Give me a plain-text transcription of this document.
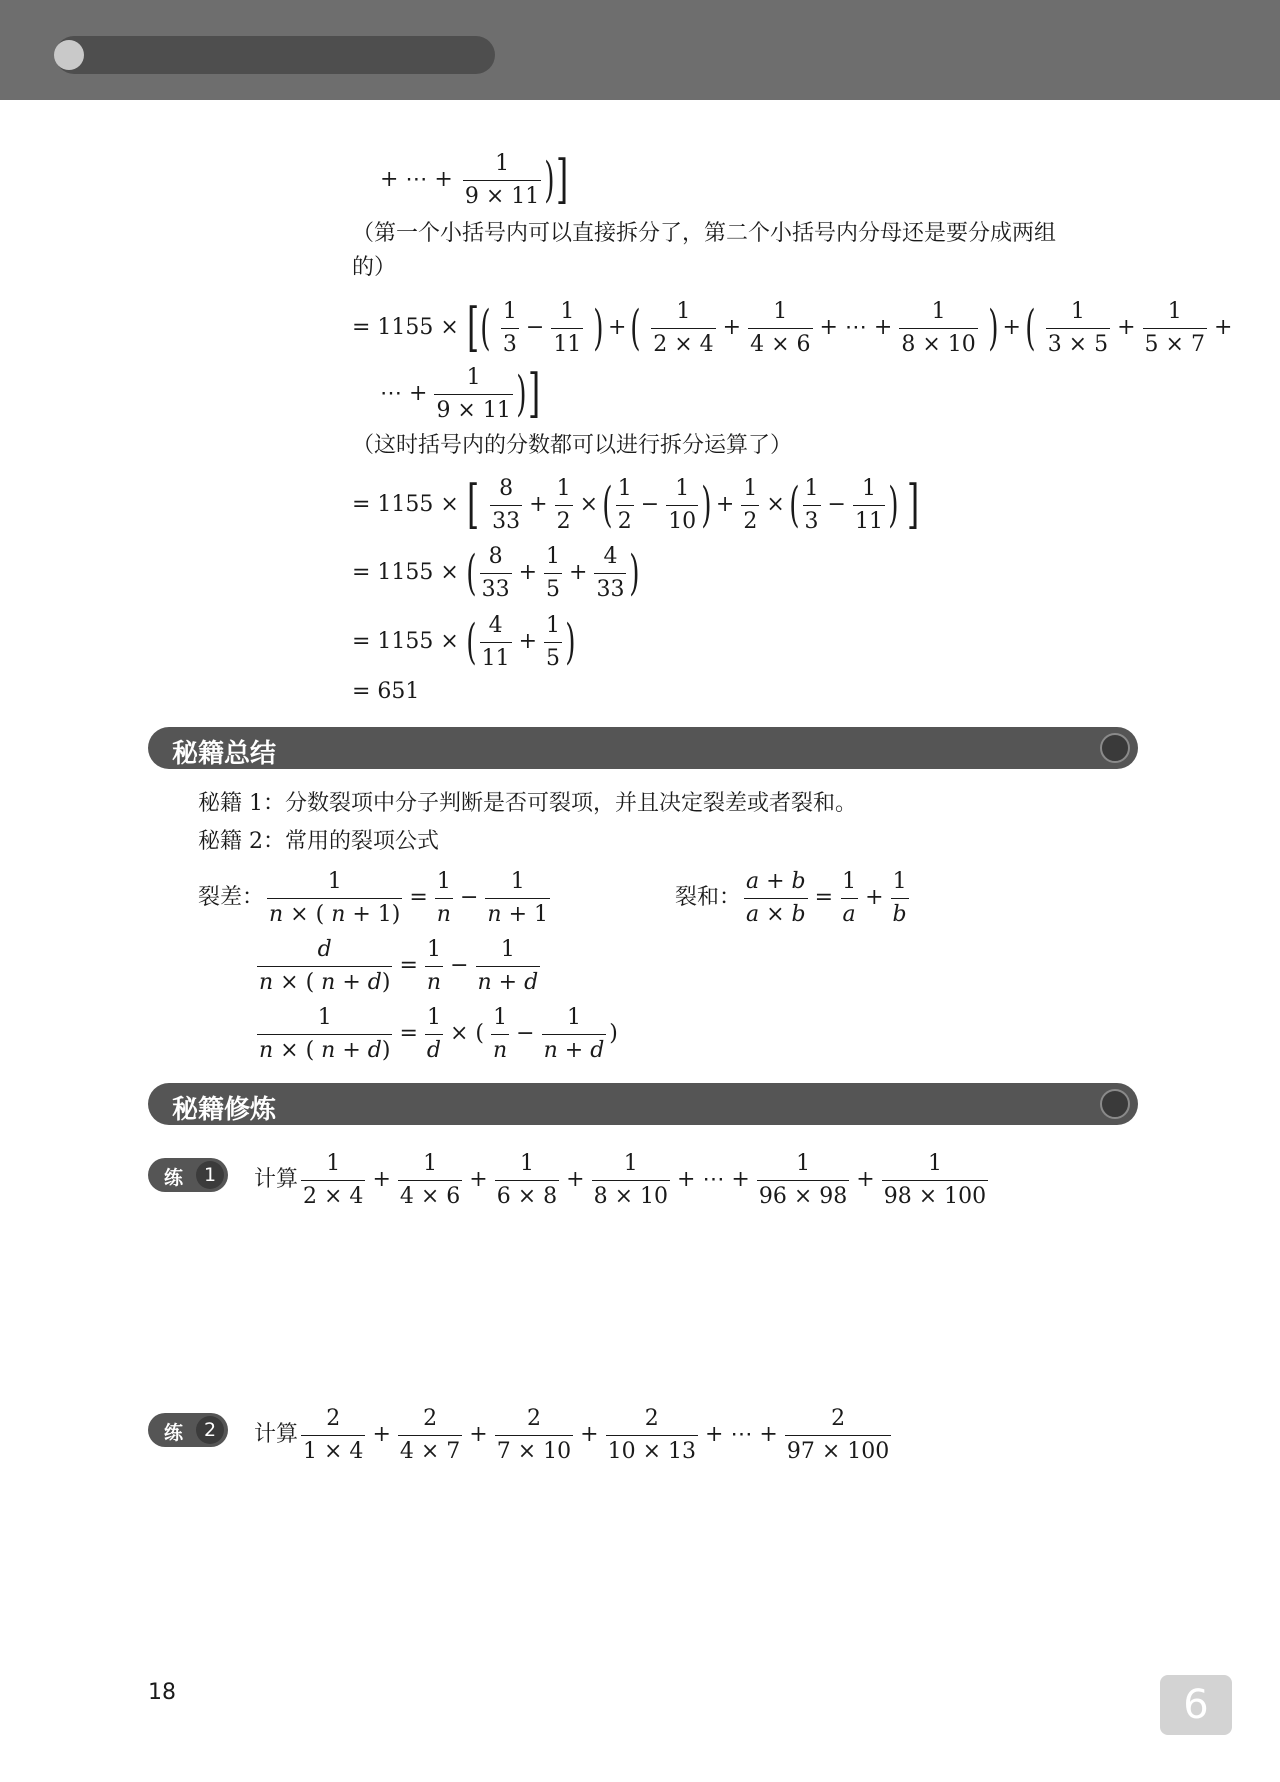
+ ⋯ + $\frac{1}{9 \times 11}$ )]
（第一个小括号内可以直接拆分了，第二个小括号内分母还是要分成两组
的）
= 1155 × [( $\frac{1}{3} - \frac{1}{11}$ ) +( $\frac{1}{2 \times 4} + \frac{1}{4 \times 6}$ + ⋯ + $\frac{1}{8 \times 10}$ ) +( $\frac{1}{3 \times 5} + \frac{1}{5 \times 7}$ +
⋯ + $\frac{1}{9 \times 11}$ )]
（这时括号内的分数都可以进行拆分运算了）
= 1155 × [ $\frac{8}{33} + \frac{1}{2}$ ×( $\frac{1}{2} - \frac{1}{10}$ ) + $\frac{1}{2}$ ×( $\frac{1}{3} - \frac{1}{11}$ ) ]
= 1155 × ( $\frac{8}{33} + \frac{1}{5} + \frac{4}{33}$ )
= 1155 × ( $\frac{4}{11} + \frac{1}{5}$ )
= 651
秘籍总结
秘籍 1：分数裂项中分子判断是否可裂项，并且决定裂差或者裂和。
秘籍 2：常用的裂项公式
裂差： $\frac{1}{n \times ( n + 1)} = \frac{1}{n} - \frac{1}{n + 1}$	裂和： $\frac{a + b}{a \times b} = \frac{1}{a} + \frac{1}{b}$
$\frac{d}{n \times ( n + d)} = \frac{1}{n} - \frac{1}{n + d}$
$\frac{1}{n \times ( n + d)} = \frac{1}{d}$ × ( $\frac{1}{n} - \frac{1}{n + d}$ )
秘籍修炼
练	1	计算 $\frac{1}{2 \times 4} + \frac{1}{4 \times 6} + \frac{1}{6 \times 8} + \frac{1}{8 \times 10}$ + ⋯ + $\frac{1}{96 \times 98} + \frac{1}{98 \times 100}$
练	2	计算 $\frac{2}{1 \times 4} + \frac{2}{4 \times 7} + \frac{2}{7 \times 10} + \frac{2}{10 \times 13}$ + ⋯ + $\frac{2}{97 \times 100}$
18	6
